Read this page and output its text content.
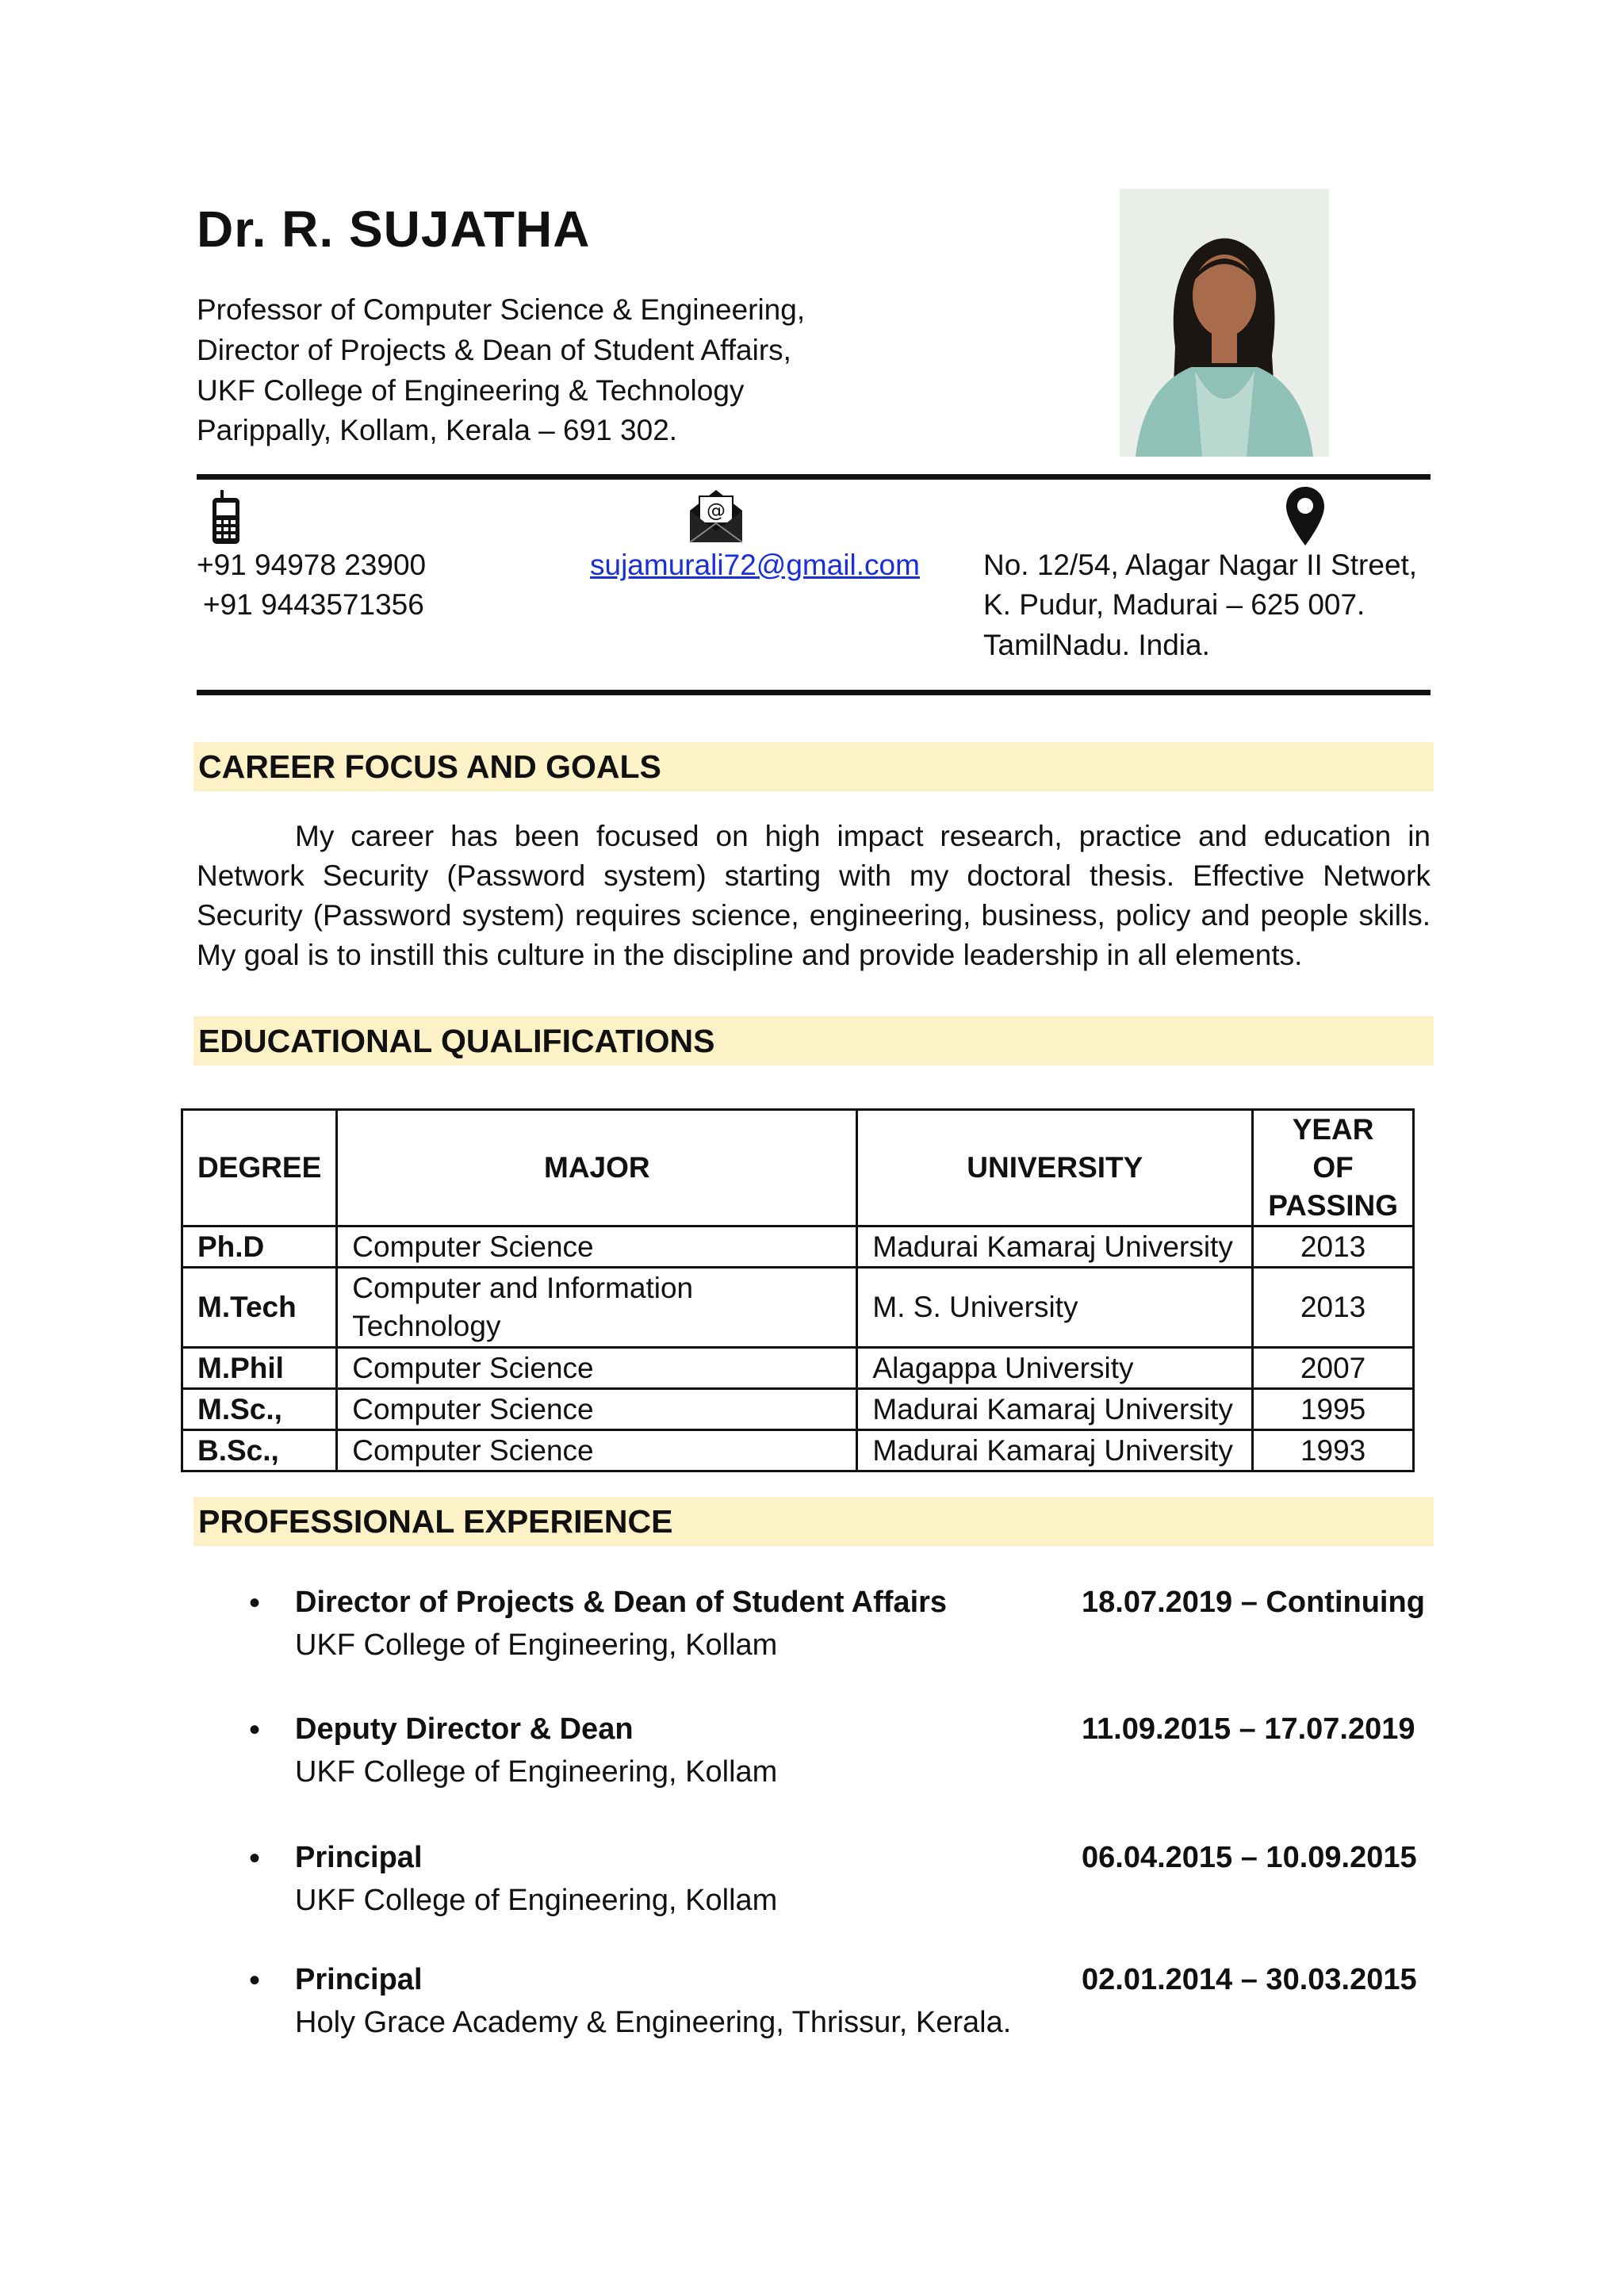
Dr. R. SUJATHA
Professor of Computer Science & Engineering,
Director of Projects & Dean of Student Affairs,
UKF College of Engineering & Technology
Parippally, Kollam, Kerala – 691 302.
@
+91 94978 23900
+91 9443571356
sujamurali72@gmail.com No. 12/54, Alagar Nagar II Street,
K. Pudur, Madurai – 625 007.
TamilNadu. India.
CAREER FOCUS AND GOALS
My career has been focused on high impact research, practice and education in Network Security (Password system) starting with my doctoral thesis. Effective Network Security (Password system) requires science, engineering, business, policy and people skills. My goal is to instill this culture in the discipline and provide leadership in all elements.
EDUCATIONAL QUALIFICATIONS
DEGREE	MAJOR	UNIVERSITY	YEAR OF PASSING
Ph.D	Computer Science	Madurai Kamaraj University	2013
M.Tech	Computer and Information Technology	M. S. University	2013
M.Phil	Computer Science	Alagappa University	2007
M.Sc.,	Computer Science	Madurai Kamaraj University	1995
B.Sc.,	Computer Science	Madurai Kamaraj University	1993
PROFESSIONAL EXPERIENCE
• Director of Projects & Dean of Student Affairs	18.07.2019 – Continuing
UKF College of Engineering, Kollam
• Deputy Director & Dean	11.09.2015 – 17.07.2019
UKF College of Engineering, Kollam
• Principal	06.04.2015 – 10.09.2015
UKF College of Engineering, Kollam
• Principal	02.01.2014 – 30.03.2015
Holy Grace Academy & Engineering, Thrissur, Kerala.
